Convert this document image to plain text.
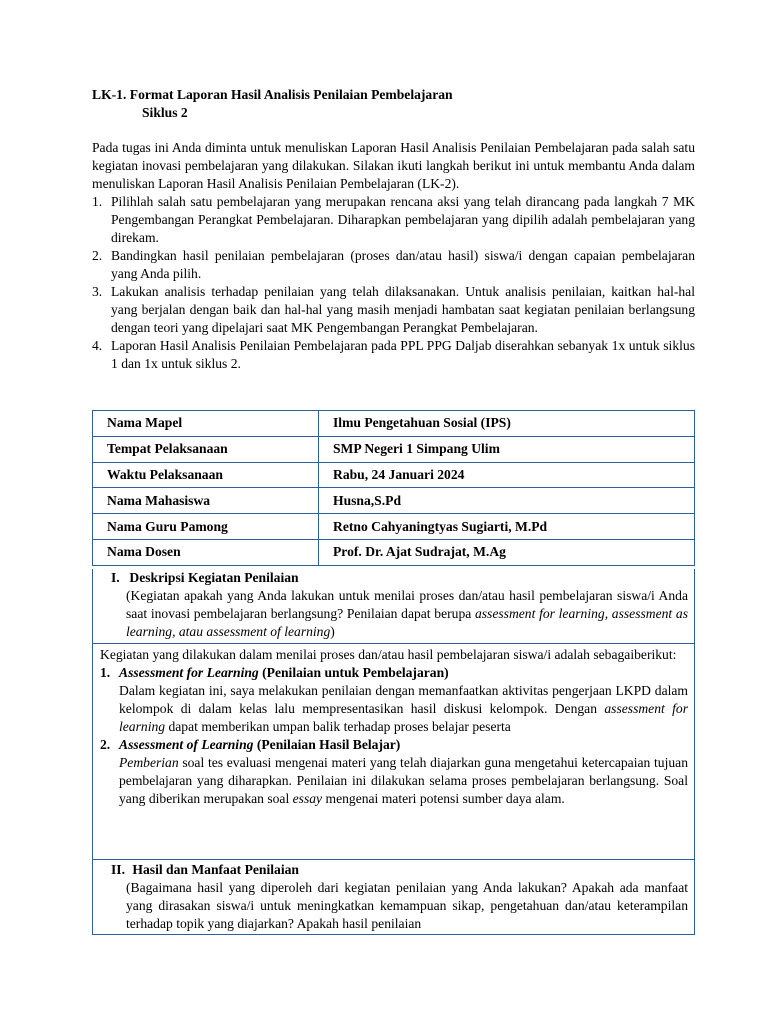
LK-1. Format Laporan Hasil Analisis Penilaian Pembelajaran
Siklus 2

Pada tugas ini Anda diminta untuk menuliskan Laporan Hasil Analisis Penilaian Pembelajaran pada salah satu kegiatan inovasi pembelajaran yang dilakukan. Silakan ikuti langkah berikut ini untuk membantu Anda dalam menuliskan Laporan Hasil Analisis Penilaian Pembelajaran (LK-2).

1. Pilihlah salah satu pembelajaran yang merupakan rencana aksi yang telah dirancang pada langkah 7 MK Pengembangan Perangkat Pembelajaran. Diharapkan pembelajaran yang dipilih adalah pembelajaran yang direkam.
2. Bandingkan hasil penilaian pembelajaran (proses dan/atau hasil) siswa/i dengan capaian pembelajaran yang Anda pilih.
3. Lakukan analisis terhadap penilaian yang telah dilaksanakan. Untuk analisis penilaian, kaitkan hal-hal yang berjalan dengan baik dan hal-hal yang masih menjadi hambatan saat kegiatan penilaian berlangsung dengan teori yang dipelajari saat MK Pengembangan Perangkat Pembelajaran.
4. Laporan Hasil Analisis Penilaian Pembelajaran pada PPL PPG Daljab diserahkan sebanyak 1x untuk siklus 1 dan 1x untuk siklus 2.
Nama Mapel	Ilmu Pengetahuan Sosial (IPS)
Tempat Pelaksanaan	SMP Negeri 1 Simpang Ulim
Waktu Pelaksanaan	Rabu, 24 Januari 2024
Nama Mahasiswa	Husna,S.Pd
Nama Guru Pamong	Retno Cahyaningtyas Sugiarti, M.Pd
Nama Dosen	Prof. Dr. Ajat Sudrajat, M.Ag
I. Deskripsi Kegiatan Penilaian
(Kegiatan apakah yang Anda lakukan untuk menilai proses dan/atau hasil pembelajaran siswa/i Anda saat inovasi pembelajaran berlangsung? Penilaian dapat berupa assessment for learning, assessment as learning, atau assessment of learning)
Kegiatan yang dilakukan dalam menilai proses dan/atau hasil pembelajaran siswa/i adalah sebagaiberikut:
1. Assessment for Learning (Penilaian untuk Pembelajaran)
Dalam kegiatan ini, saya melakukan penilaian dengan memanfaatkan aktivitas pengerjaan LKPD dalam kelompok di dalam kelas lalu mempresentasikan hasil diskusi kelompok. Dengan assessment for learning dapat memberikan umpan balik terhadap proses belajar peserta
2. Assessment of Learning (Penilaian Hasil Belajar)
Pemberian soal tes evaluasi mengenai materi yang telah diajarkan guna mengetahui ketercapaian tujuan pembelajaran yang diharapkan. Penilaian ini dilakukan selama proses pembelajaran berlangsung. Soal yang diberikan merupakan soal essay mengenai materi potensi sumber daya alam.
II. Hasil dan Manfaat Penilaian
(Bagaimana hasil yang diperoleh dari kegiatan penilaian yang Anda lakukan? Apakah ada manfaat yang dirasakan siswa/i untuk meningkatkan kemampuan sikap, pengetahuan dan/atau keterampilan terhadap topik yang diajarkan? Apakah hasil penilaian
